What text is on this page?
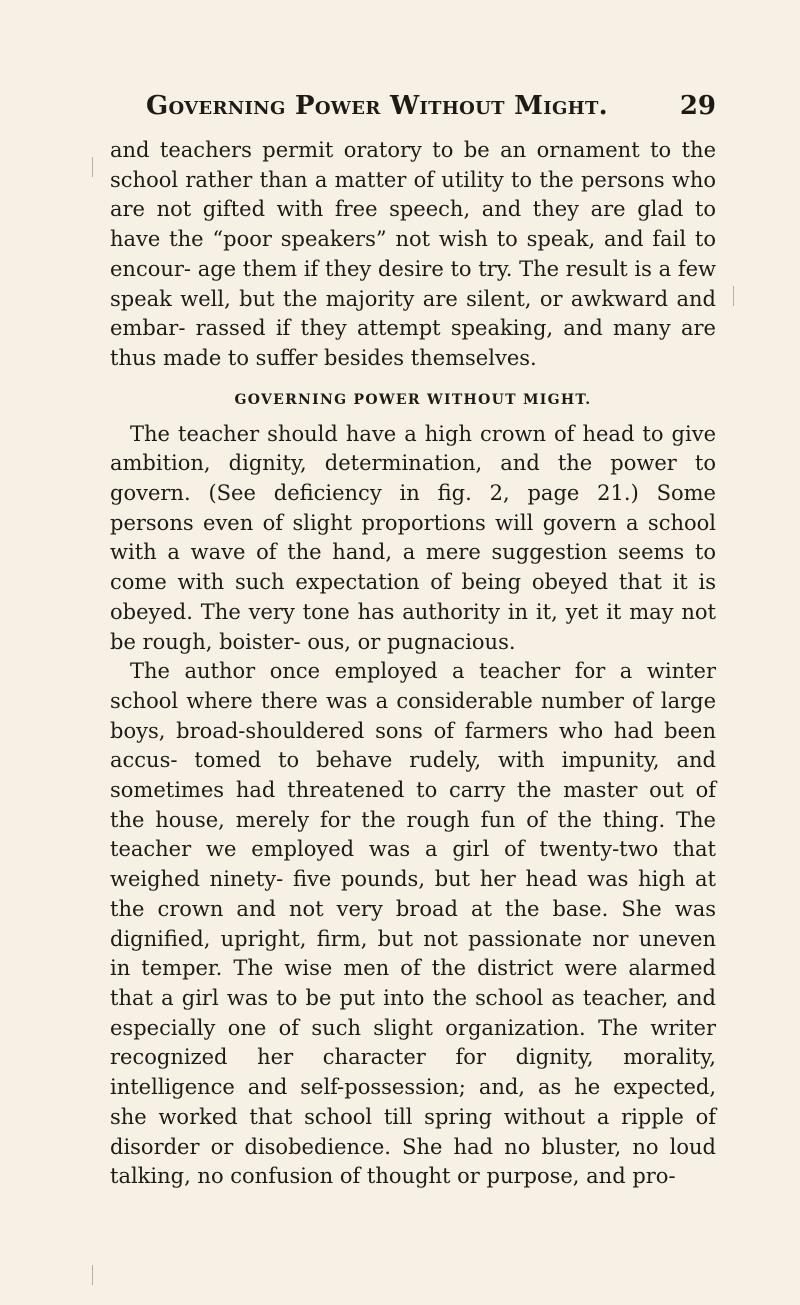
Governing Power Without Might.	29

and teachers permit oratory to be an ornament to the school rather than a matter of utility to the persons who are not gifted with free speech, and they are glad to have the “poor speakers” not wish to speak, and fail to encour- age them if they desire to try. The result is a few speak well, but the majority are silent, or awkward and embar- rassed if they attempt speaking, and many are thus made to suffer besides themselves.

GOVERNING POWER WITHOUT MIGHT.

The teacher should have a high crown of head to give ambition, dignity, determination, and the power to govern. (See deficiency in fig. 2, page 21.) Some persons even of slight proportions will govern a school with a wave of the hand, a mere suggestion seems to come with such expectation of being obeyed that it is obeyed. The very tone has authority in it, yet it may not be rough, boister- ous, or pugnacious.

The author once employed a teacher for a winter school where there was a considerable number of large boys, broad-shouldered sons of farmers who had been accus- tomed to behave rudely, with impunity, and sometimes had threatened to carry the master out of the house, merely for the rough fun of the thing. The teacher we employed was a girl of twenty-two that weighed ninety- five pounds, but her head was high at the crown and not very broad at the base. She was dignified, upright, firm, but not passionate nor uneven in temper. The wise men of the district were alarmed that a girl was to be put into the school as teacher, and especially one of such slight organization. The writer recognized her character for dignity, morality, intelligence and self-possession; and, as he expected, she worked that school till spring without a ripple of disorder or disobedience. She had no bluster, no loud talking, no confusion of thought or purpose, and pro-
